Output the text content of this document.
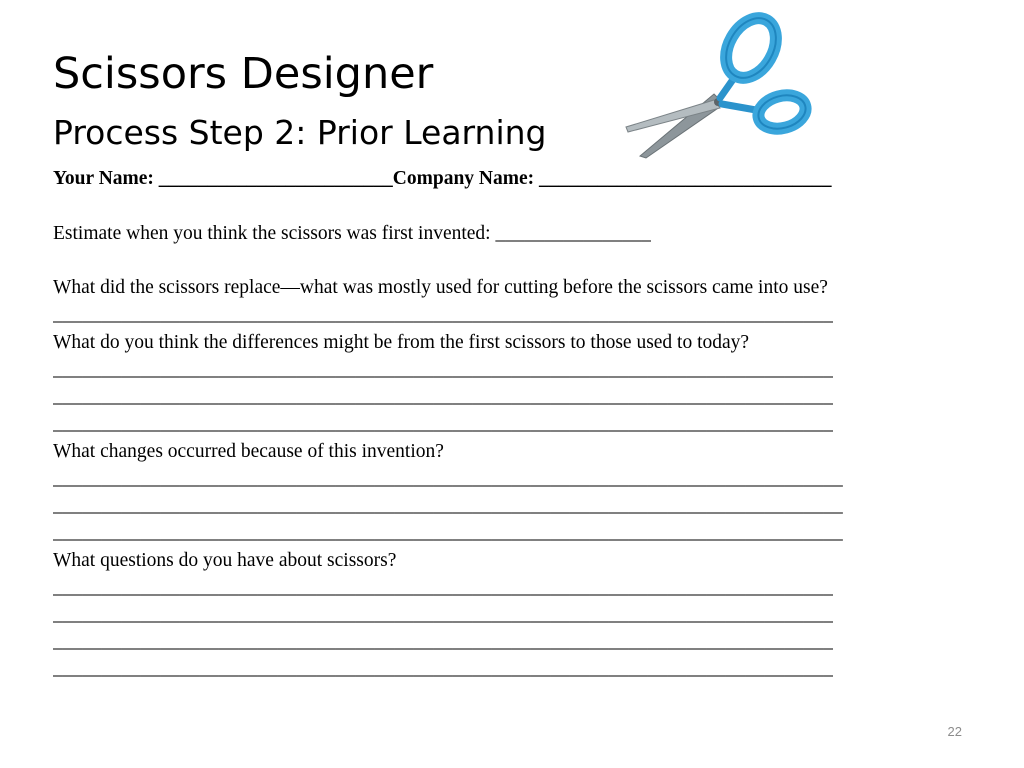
Scissors Designer
Process Step 2: Prior Learning
Your Name: ________________________Company Name: ______________________________
Estimate when you think the scissors was first invented: ________________
What did the scissors replace—what was mostly used for cutting before the scissors came into use?
________________________________________________________________________________
What do you think the differences might be from the first scissors to those used to today?
________________________________________________________________________________
________________________________________________________________________________
________________________________________________________________________________
What changes occurred because of this invention?
_________________________________________________________________________________
_________________________________________________________________________________
_________________________________________________________________________________
What questions do you have about scissors?
________________________________________________________________________________
________________________________________________________________________________
________________________________________________________________________________
________________________________________________________________________________
22
